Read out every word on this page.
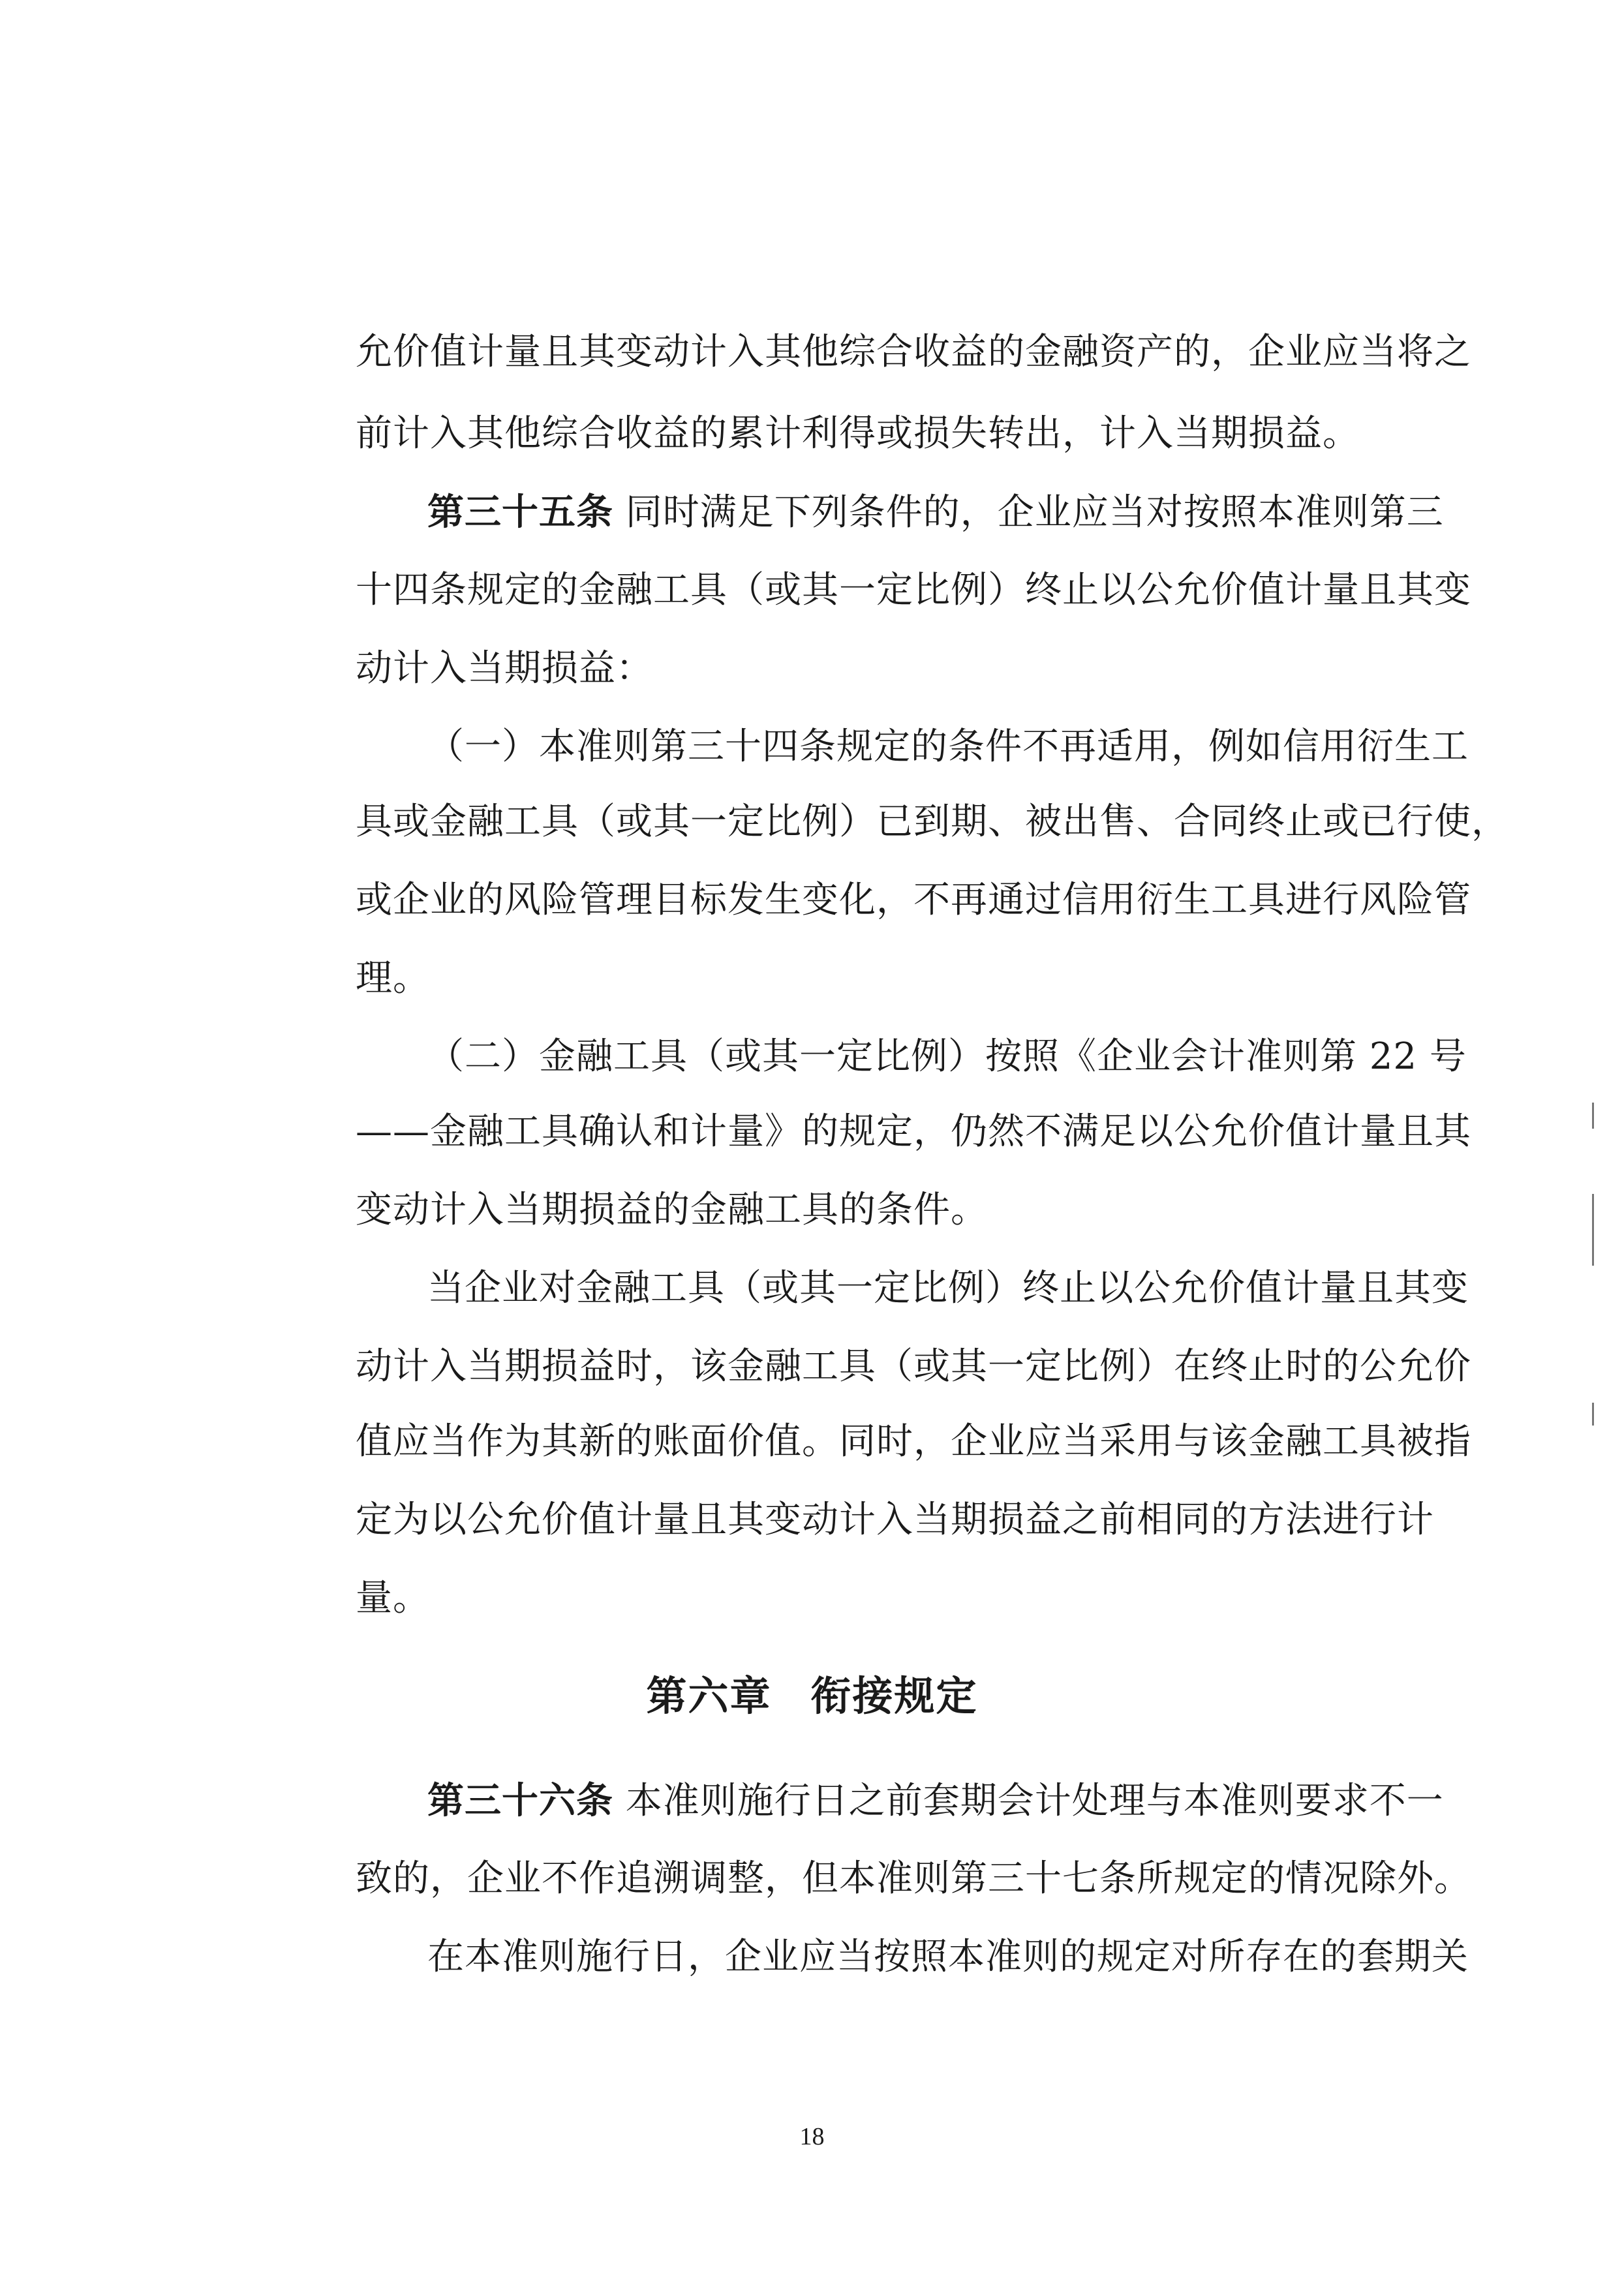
允价值计量且其变动计入其他综合收益的金融资产的，企业应当将之
前计入其他综合收益的累计利得或损失转出，计入当期损益。
第三十五条 同时满足下列条件的，企业应当对按照本准则第三
十四条规定的金融工具（或其一定比例）终止以公允价值计量且其变
动计入当期损益：
（一）本准则第三十四条规定的条件不再适用，例如信用衍生工
具或金融工具（或其一定比例）已到期、被出售、合同终止或已行使，
或企业的风险管理目标发生变化，不再通过信用衍生工具进行风险管
理。
（二）金融工具（或其一定比例）按照《企业会计准则第 22 号
——金融工具确认和计量》的规定，仍然不满足以公允价值计量且其
变动计入当期损益的金融工具的条件。
当企业对金融工具（或其一定比例）终止以公允价值计量且其变
动计入当期损益时，该金融工具（或其一定比例）在终止时的公允价
值应当作为其新的账面价值。同时，企业应当采用与该金融工具被指
定为以公允价值计量且其变动计入当期损益之前相同的方法进行计
量。
第六章 衔接规定
第三十六条 本准则施行日之前套期会计处理与本准则要求不一
致的，企业不作追溯调整，但本准则第三十七条所规定的情况除外。
在本准则施行日，企业应当按照本准则的规定对所存在的套期关
18
